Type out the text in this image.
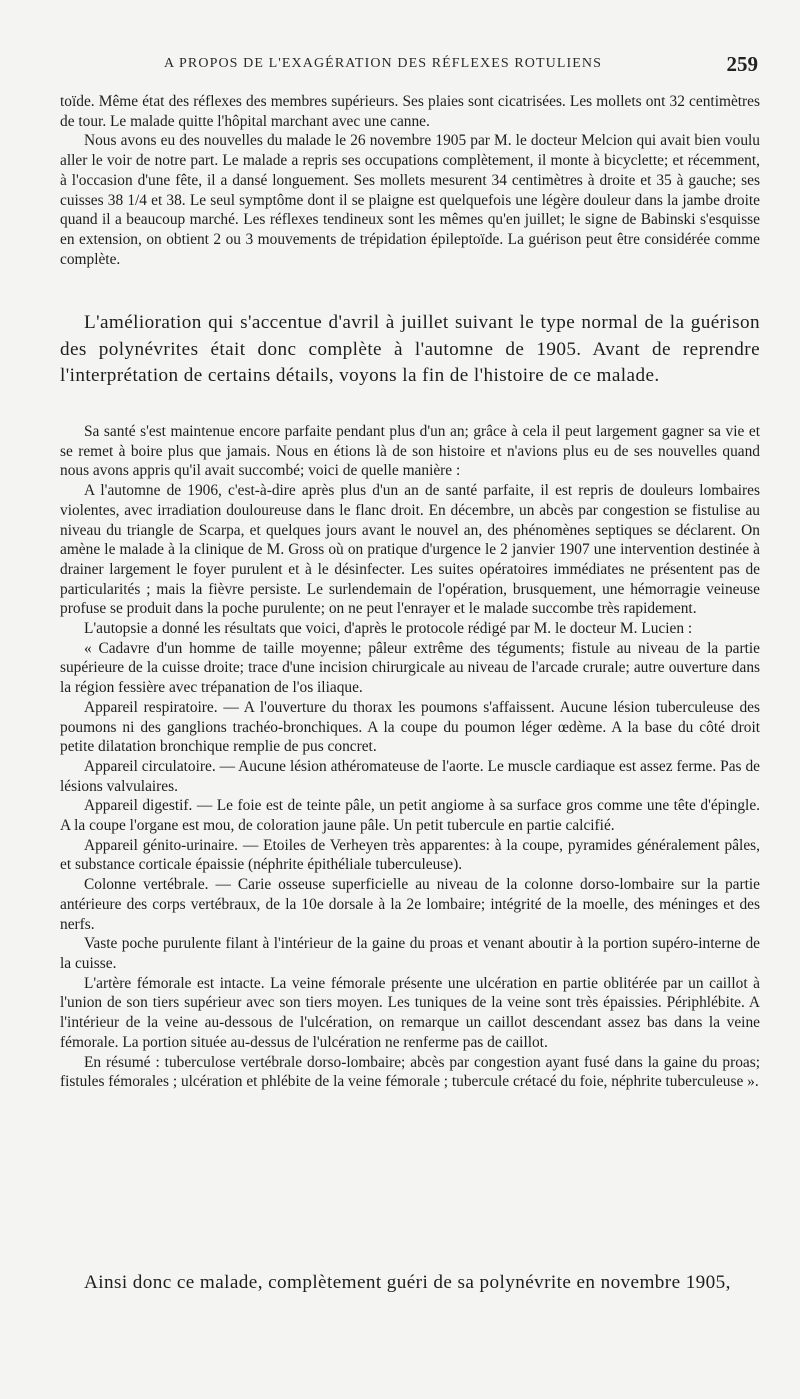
A PROPOS DE L'EXAGÉRATION DES RÉFLEXES ROTULIENS	259

toïde. Même état des réflexes des membres supérieurs. Ses plaies sont cicatrisées. Les mollets ont 32 centimètres de tour. Le malade quitte l'hôpital marchant avec une canne.

Nous avons eu des nouvelles du malade le 26 novembre 1905 par M. le docteur Melcion qui avait bien voulu aller le voir de notre part. Le malade a repris ses occupations complètement, il monte à bicyclette; et récemment, à l'occasion d'une fête, il a dansé longuement. Ses mollets mesurent 34 centimètres à droite et 35 à gauche; ses cuisses 38 1/4 et 38. Le seul symptôme dont il se plaigne est quelquefois une légère douleur dans la jambe droite quand il a beaucoup marché. Les réflexes tendineux sont les mêmes qu'en juillet; le signe de Babinski s'esquisse en extension, on obtient 2 ou 3 mouvements de trépidation épileptoïde. La guérison peut être considérée comme complète.

L'amélioration qui s'accentue d'avril à juillet suivant le type normal de la guérison des polynévrites était donc complète à l'automne de 1905. Avant de reprendre l'interprétation de certains détails, voyons la fin de l'histoire de ce malade.

Sa santé s'est maintenue encore parfaite pendant plus d'un an; grâce à cela il peut largement gagner sa vie et se remet à boire plus que jamais. Nous en étions là de son histoire et n'avions plus eu de ses nouvelles quand nous avons appris qu'il avait succombé; voici de quelle manière :

A l'automne de 1906, c'est-à-dire après plus d'un an de santé parfaite, il est repris de douleurs lombaires violentes, avec irradiation douloureuse dans le flanc droit. En décembre, un abcès par congestion se fistulise au niveau du triangle de Scarpa, et quelques jours avant le nouvel an, des phénomènes septiques se déclarent. On amène le malade à la clinique de M. Gross où on pratique d'urgence le 2 janvier 1907 une intervention destinée à drainer largement le foyer purulent et à le désinfecter. Les suites opératoires immédiates ne présentent pas de particularités ; mais la fièvre persiste. Le surlendemain de l'opération, brusquement, une hémorragie veineuse profuse se produit dans la poche purulente; on ne peut l'enrayer et le malade succombe très rapidement.

L'autopsie a donné les résultats que voici, d'après le protocole rédigé par M. le docteur M. Lucien :

« Cadavre d'un homme de taille moyenne; pâleur extrême des téguments; fistule au niveau de la partie supérieure de la cuisse droite; trace d'une incision chirurgicale au niveau de l'arcade crurale; autre ouverture dans la région fessière avec trépanation de l'os iliaque.

Appareil respiratoire. — A l'ouverture du thorax les poumons s'affaissent. Aucune lésion tuberculeuse des poumons ni des ganglions trachéo-bronchiques. A la coupe du poumon léger œdème. A la base du côté droit petite dilatation bronchique remplie de pus concret.

Appareil circulatoire. — Aucune lésion athéromateuse de l'aorte. Le muscle cardiaque est assez ferme. Pas de lésions valvulaires.

Appareil digestif. — Le foie est de teinte pâle, un petit angiome à sa surface gros comme une tête d'épingle. A la coupe l'organe est mou, de coloration jaune pâle. Un petit tubercule en partie calcifié.

Appareil génito-urinaire. — Etoiles de Verheyen très apparentes: à la coupe, pyramides généralement pâles, et substance corticale épaissie (néphrite épithéliale tuberculeuse).

Colonne vertébrale. — Carie osseuse superficielle au niveau de la colonne dorso-lombaire sur la partie antérieure des corps vertébraux, de la 10e dorsale à la 2e lombaire; intégrité de la moelle, des méninges et des nerfs.

Vaste poche purulente filant à l'intérieur de la gaine du proas et venant aboutir à la portion supéro-interne de la cuisse.

L'artère fémorale est intacte. La veine fémorale présente une ulcération en partie oblitérée par un caillot à l'union de son tiers supérieur avec son tiers moyen. Les tuniques de la veine sont très épaissies. Périphlébite. A l'intérieur de la veine au-dessous de l'ulcération, on remarque un caillot descendant assez bas dans la veine fémorale. La portion située au-dessus de l'ulcération ne renferme pas de caillot.

En résumé : tuberculose vertébrale dorso-lombaire; abcès par congestion ayant fusé dans la gaine du proas; fistules fémorales ; ulcération et phlébite de la veine fémorale ; tubercule crétacé du foie, néphrite tuberculeuse ».

Ainsi donc ce malade, complètement guéri de sa polynévrite en novembre 1905,
